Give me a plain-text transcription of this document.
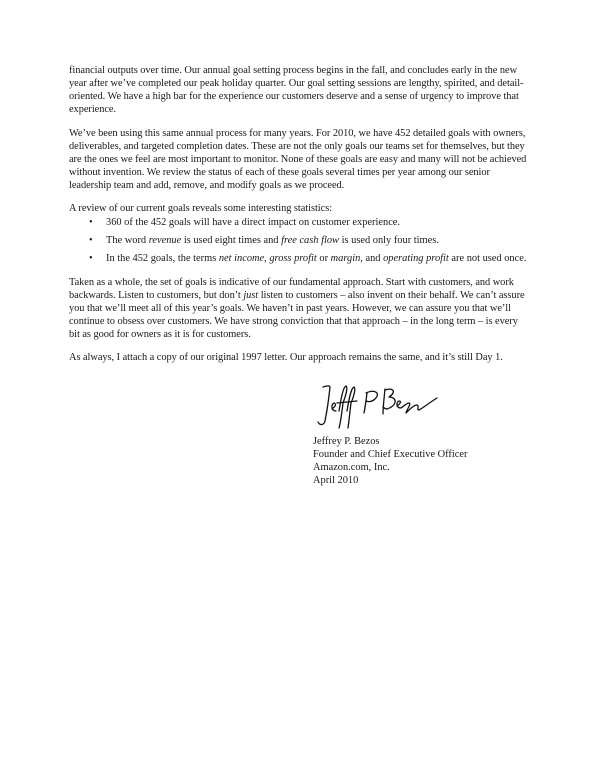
financial outputs over time. Our annual goal setting process begins in the fall, and concludes early in the new year after we’ve completed our peak holiday quarter. Our goal setting sessions are lengthy, spirited, and detail-oriented. We have a high bar for the experience our customers deserve and a sense of urgency to improve that experience.

We’ve been using this same annual process for many years. For 2010, we have 452 detailed goals with owners, deliverables, and targeted completion dates. These are not the only goals our teams set for themselves, but they are the ones we feel are most important to monitor. None of these goals are easy and many will not be achieved without invention. We review the status of each of these goals several times per year among our senior leadership team and add, remove, and modify goals as we proceed.

A review of our current goals reveals some interesting statistics:

• 360 of the 452 goals will have a direct impact on customer experience.
• The word revenue is used eight times and free cash flow is used only four times.
• In the 452 goals, the terms net income, gross profit or margin, and operating profit are not used once.

Taken as a whole, the set of goals is indicative of our fundamental approach. Start with customers, and work backwards. Listen to customers, but don’t just listen to customers – also invent on their behalf. We can’t assure you that we’ll meet all of this year’s goals. We haven’t in past years. However, we can assure you that we’ll continue to obsess over customers. We have strong conviction that that approach – in the long term – is every bit as good for owners as it is for customers.

As always, I attach a copy of our original 1997 letter. Our approach remains the same, and it’s still Day 1.

Jeffrey P. Bezos
Founder and Chief Executive Officer
Amazon.com, Inc.
April 2010
